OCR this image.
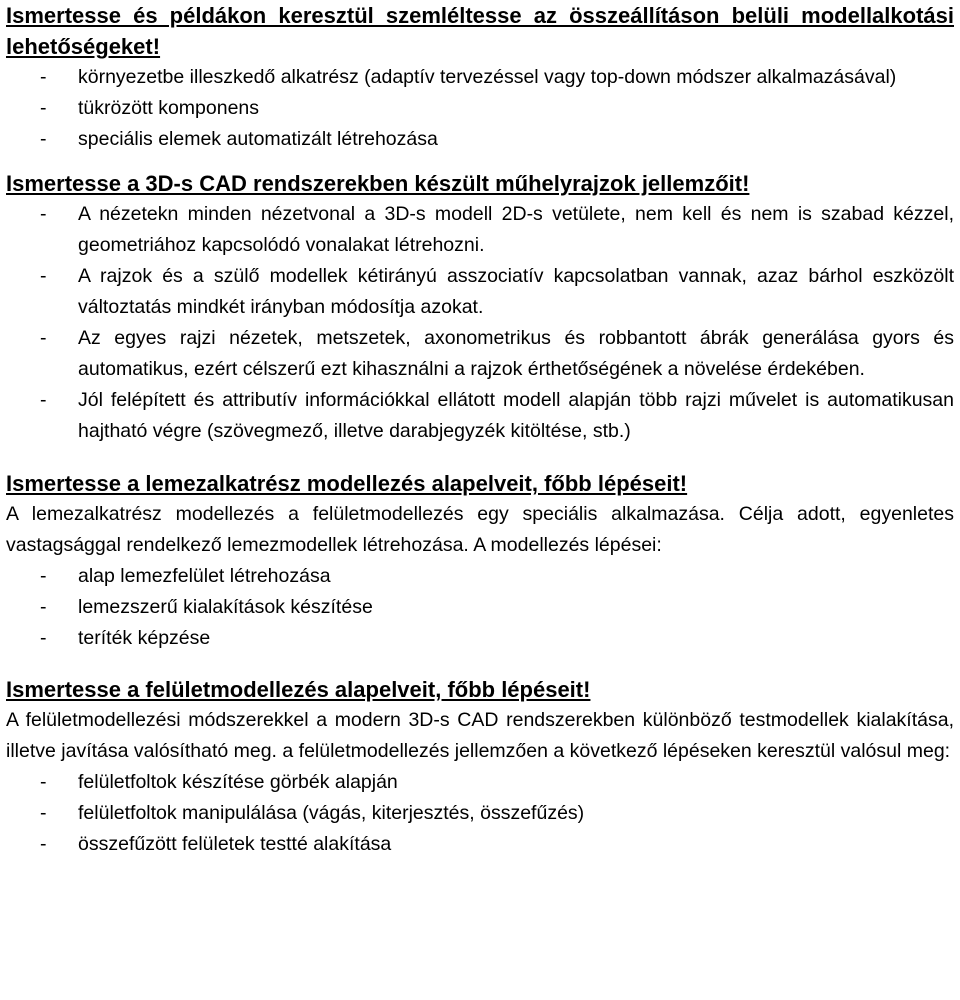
Ismertesse és példákon keresztül szemléltesse az összeállításon belüli modellalkotási lehetőségeket!
- környezetbe illeszkedő alkatrész (adaptív tervezéssel vagy top-down módszer alkalmazásával)
- tükrözött komponens
- speciális elemek automatizált létrehozása
Ismertesse a 3D-s CAD rendszerekben készült műhelyrajzok jellemzőit!
- A nézetekn minden nézetvonal a 3D-s modell 2D-s vetülete, nem kell és nem is szabad kézzel, geometriához kapcsolódó vonalakat létrehozni.
- A rajzok és a szülő modellek kétirányú asszociatív kapcsolatban vannak, azaz bárhol eszközölt változtatás mindkét irányban módosítja azokat.
- Az egyes rajzi nézetek, metszetek, axonometrikus és robbantott ábrák generálása gyors és automatikus, ezért célszerű ezt kihasználni a rajzok érthetőségének a növelése érdekében.
- Jól felépített és attributív információkkal ellátott modell alapján több rajzi művelet is automatikusan hajtható végre (szövegmező, illetve darabjegyzék kitöltése, stb.)
Ismertesse a lemezalkatrész modellezés alapelveit, főbb lépéseit!

A lemezalkatrész modellezés a felületmodellezés egy speciális alkalmazása. Célja adott, egyenletes vastagsággal rendelkező lemezmodellek létrehozása. A modellezés lépései:

- alap lemezfelület létrehozása
- lemezszerű kialakítások készítése
- teríték képzése
Ismertesse a felületmodellezés alapelveit, főbb lépéseit!

A felületmodellezési módszerekkel a modern 3D-s CAD rendszerekben különböző testmodellek kialakítása, illetve javítása valósítható meg. a felületmodellezés jellemzően a következő lépéseken keresztül valósul meg:

- felületfoltok készítése görbék alapján
- felületfoltok manipulálása (vágás, kiterjesztés, összefűzés)
- összefűzött felületek testté alakítása
